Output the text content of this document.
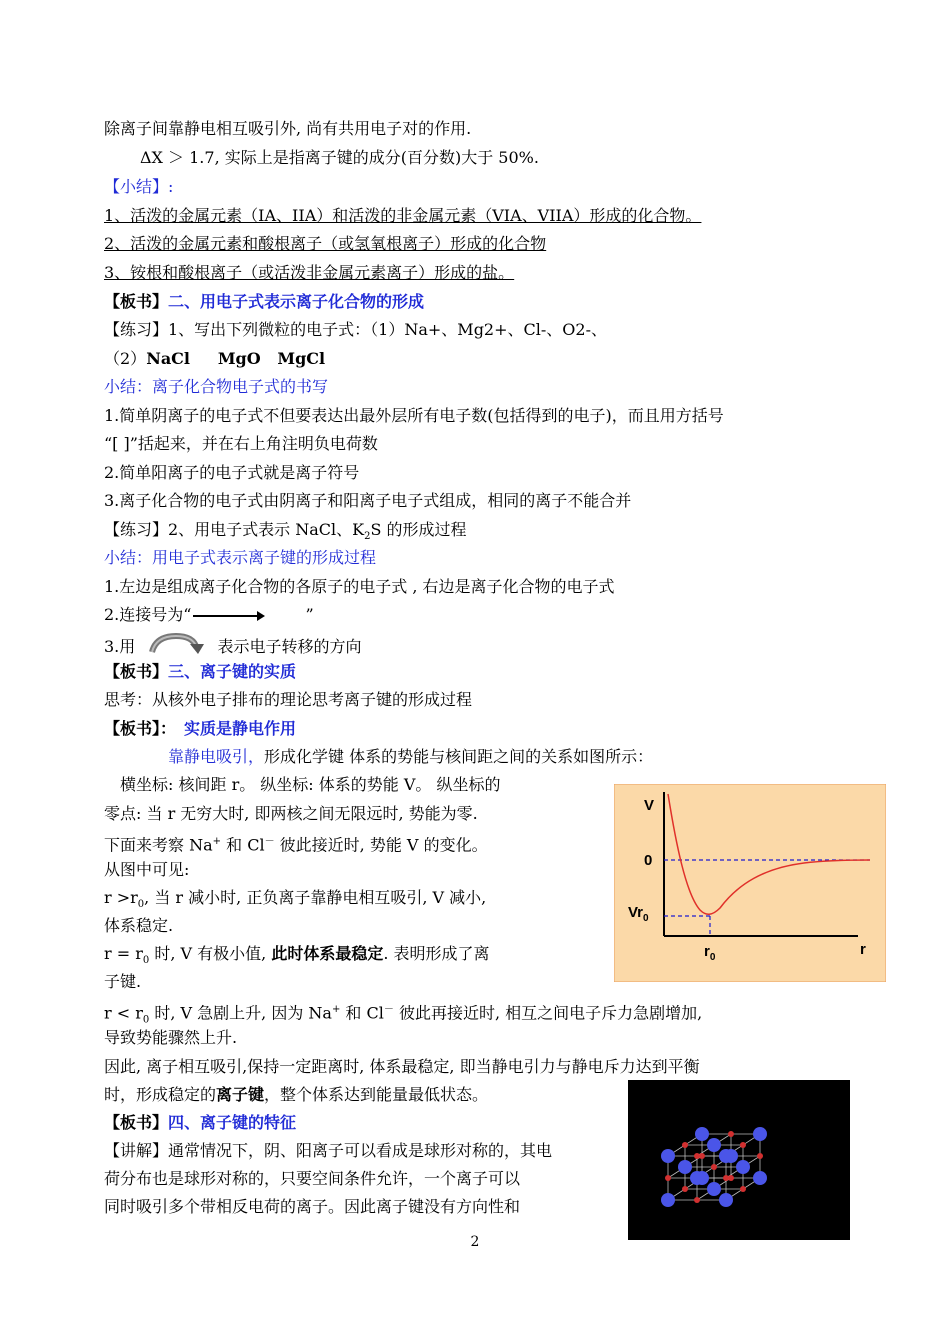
除离子间靠静电相互吸引外, 尚有共用电子对的作用.
ΔX ＞ 1.7, 实际上是指离子键的成分(百分数)大于 50%.
【小结】:
1、活泼的金属元素（IA、IIA）和活泼的非金属元素（VIA、VIIA）形成的化合物。
2、活泼的金属元素和酸根离子（或氢氧根离子）形成的化合物
3、铵根和酸根离子（或活泼非金属元素离子）形成的盐。
【板书】二、用电子式表示离子化合物的形成
【练习】1、写出下列微粒的电子式：（1）Na+、Mg2+、Cl-、O2-、
（2）NaCl     MgO   MgCl
小结：离子化合物电子式的书写
1.简单阴离子的电子式不但要表达出最外层所有电子数(包括得到的电子)，而且用方括号
“[ ]”括起来，并在右上角注明负电荷数
2.简单阳离子的电子式就是离子符号
3.离子化合物的电子式由阴离子和阳离子电子式组成，相同的离子不能合并
【练习】2、用电子式表示 NaCl、$K_2S$ 的形成过程
小结：用电子式表示离子键的形成过程
1.左边是组成离子化合物的各原子的电子式 , 右边是离子化合物的电子式
2.连接号为“	”
3.用	表示电子转移的方向
【板书】三、离子键的实质
思考：从核外电子排布的理论思考离子键的形成过程
【板书】： 实质是静电作用
靠静电吸引，形成化学键 体系的势能与核间距之间的关系如图所示：
横坐标: 核间距 r。 纵坐标: 体系的势能 V。 纵坐标的
零点: 当 r 无穷大时, 即两核之间无限远时, 势能为零.
下面来考察 Na+ 和 Cl－ 彼此接近时, 势能 V 的变化。
从图中可见:
$r >r_0$, 当 r 减小时, 正负离子靠静电相互吸引, V 减小,
体系稳定.
$r = r_0$ 时, V 有极小值, 此时体系最稳定. 表明形成了离
子键.
$r < r_0$ 时, V 急剧上升, 因为 Na+ 和 Cl－ 彼此再接近时, 相互之间电子斥力急剧增加,
导致势能骤然上升.
因此, 离子相互吸引,保持一定距离时, 体系最稳定, 即当静电引力与静电斥力达到平衡
时，形成稳定的离子键，整个体系达到能量最低状态。
【板书】四、离子键的特征
【讲解】通常情况下，阴、阳离子可以看成是球形对称的，其电
荷分布也是球形对称的，只要空间条件允许，一个离子可以
同时吸引多个带相反电荷的离子。因此离子键没有方向性和
V
0
$Vr_0$
$r_0$	r
2
